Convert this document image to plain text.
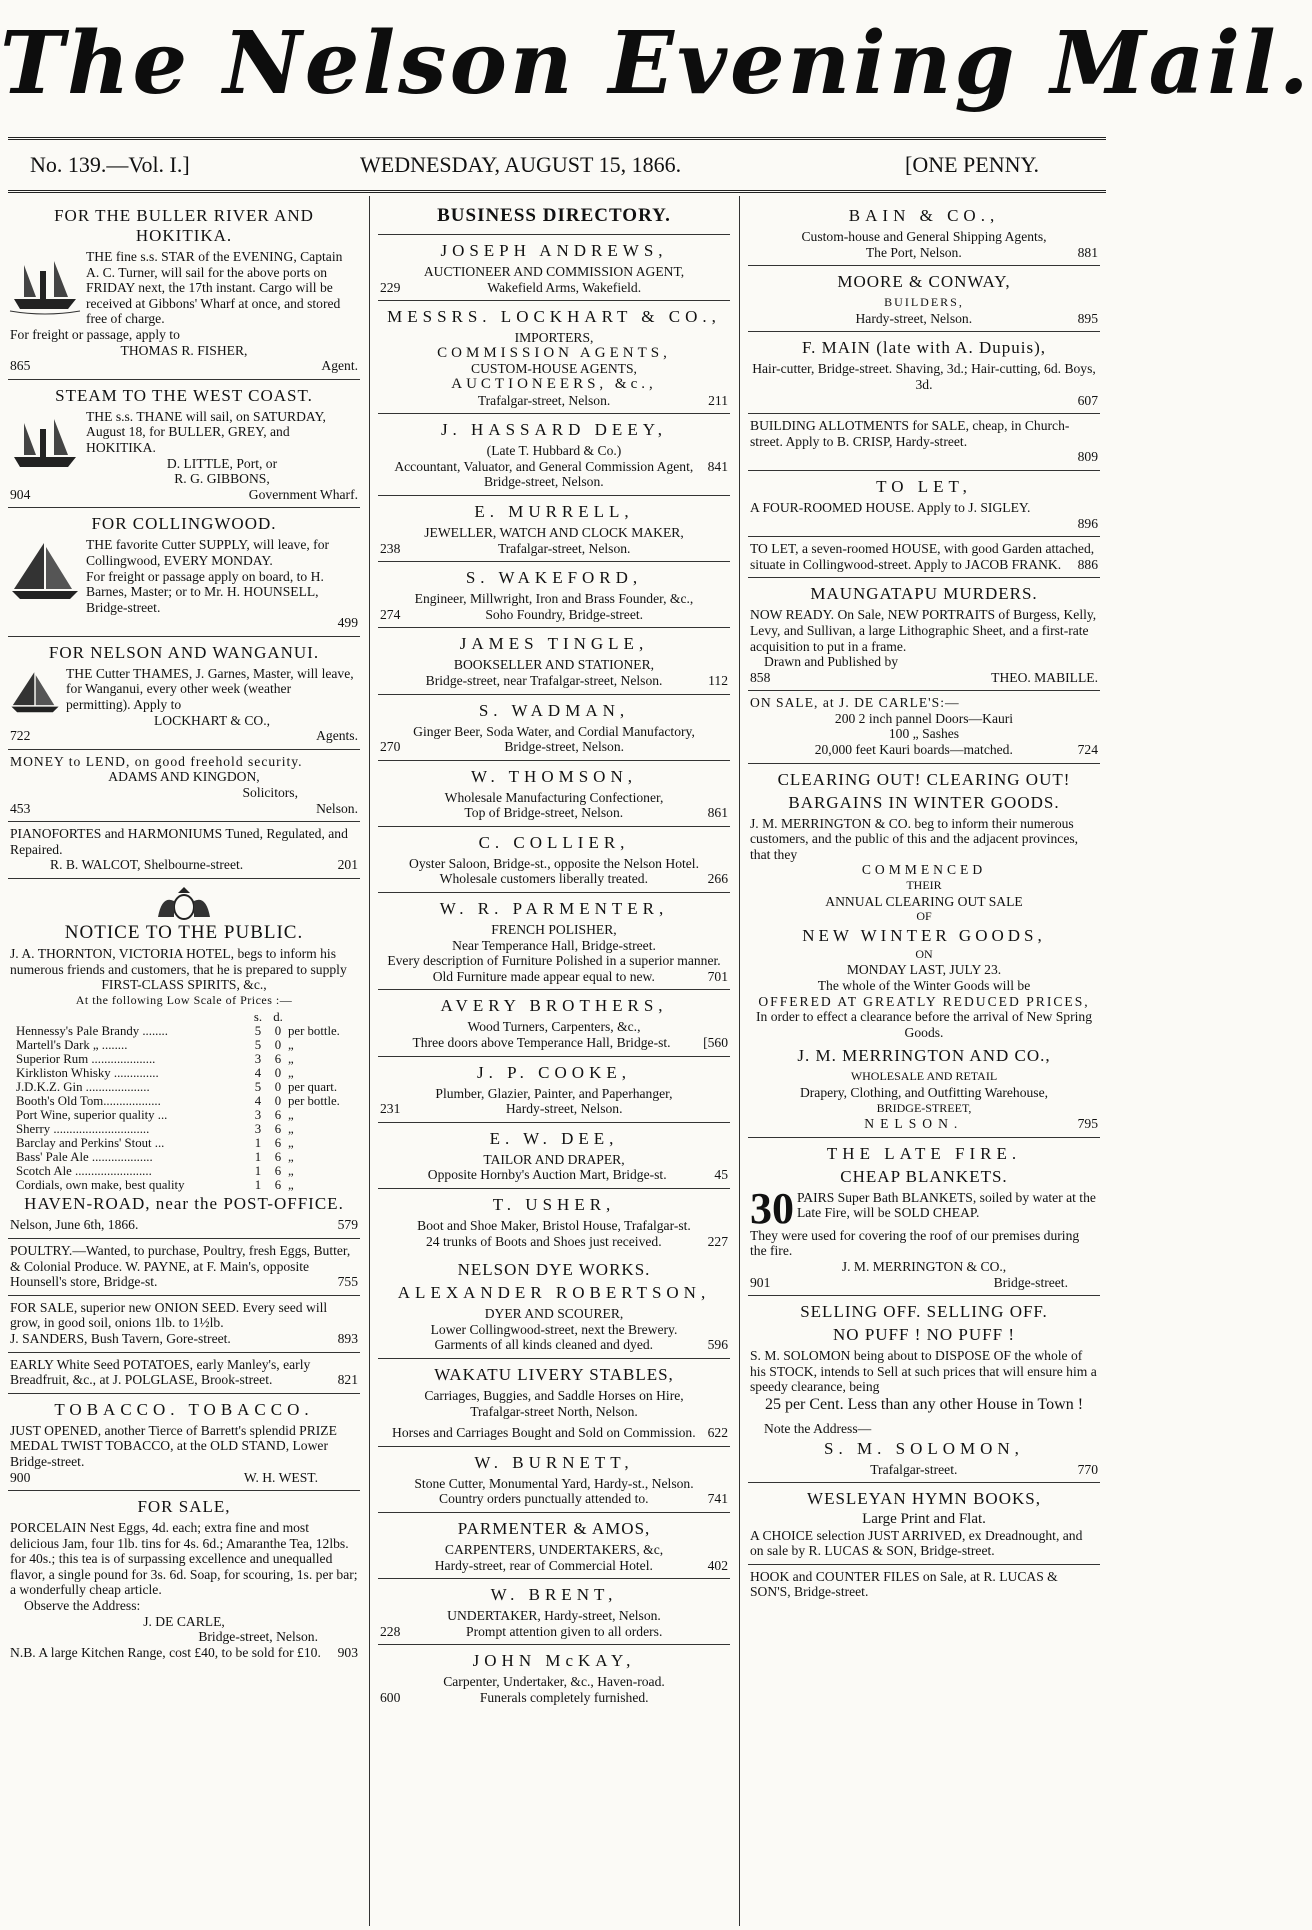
The Nelson Evening Mail.
No. 139.—Vol. I.]	WEDNESDAY, AUGUST 15, 1866.	[ONE PENNY.
FOR THE BULLER RIVER AND HOKITIKA.
THE fine s.s. STAR of the EVENING, Captain A. C. Turner, will sail for the above ports on FRIDAY next, the 17th instant. Cargo will be received at Gibbons' Wharf at once, and stored free of charge.
For freight or passage, apply to
THOMAS R. FISHER,
865	Agent.
STEAM TO THE WEST COAST.
THE s.s. THANE will sail, on SATURDAY, August 18, for BULLER, GREY, and HOKITIKA.
D. LITTLE, Port, or
R. G. GIBBONS,
904	Government Wharf.
FOR COLLINGWOOD.
THE favorite Cutter SUPPLY, will leave, for Collingwood, EVERY MONDAY.
For freight or passage apply on board, to H. Barnes, Master; or to Mr. H. HOUNSELL, Bridge-street.
499
FOR NELSON AND WANGANUI.
THE Cutter THAMES, J. Garnes, Master, will leave, for Wanganui, every other week (weather permitting). Apply to
LOCKHART & CO.,
722	Agents.
MONEY to LEND, on good freehold security.
ADAMS AND KINGDON,
Solicitors,
453	Nelson.
PIANOFORTES and HARMONIUMS Tuned, Regulated, and Repaired.
R. B. WALCOT, Shelbourne-street.	201
NOTICE TO THE PUBLIC.
J. A. THORNTON, VICTORIA HOTEL, begs to inform his numerous friends and customers, that he is prepared to supply
FIRST-CLASS SPIRITS, &c.,
At the following Low Scale of Prices :—
s. d.
Hennessy's Pale Brandy ........	5	0 per bottle.
Martell's Dark „ ........	5	0 „
Superior Rum ....................	3	6 „
Kirkliston Whisky ..............	4	0 „
J.D.K.Z. Gin ....................	5	0 per quart.
Booth's Old Tom..................	4	0 per bottle.
Port Wine, superior quality ...	3	6 „
Sherry ..............................	3	6 „
Barclay and Perkins' Stout ...	1	6 „
Bass' Pale Ale ...................	1	6 „
Scotch Ale ........................	1	6 „
Cordials, own make, best quality	1	6 „
HAVEN-ROAD, near the POST-OFFICE.
Nelson, June 6th, 1866.	579
POULTRY.—Wanted, to purchase, Poultry, fresh Eggs, Butter, & Colonial Produce. W. PAYNE, at F. Main's, opposite Hounsell's store, Bridge-st.	755
FOR SALE, superior new ONION SEED. Every seed will grow, in good soil, onions 1lb. to 1½lb.
J. SANDERS, Bush Tavern, Gore-street.	893
EARLY White Seed POTATOES, early Manley's, early Breadfruit, &c., at J. POLGLASE, Brook-street.	821
TOBACCO. TOBACCO.
JUST OPENED, another Tierce of Barrett's splendid PRIZE MEDAL TWIST TOBACCO, at the OLD STAND, Lower Bridge-street.
900	W. H. WEST.
FOR SALE,
PORCELAIN Nest Eggs, 4d. each; extra fine and most delicious Jam, four 1lb. tins for 4s. 6d.; Amaranthe Tea, 12lbs. for 40s.; this tea is of surpassing excellence and unequalled flavor, a single pound for 3s. 6d. Soap, for scouring, 1s. per bar; a wonderfully cheap article.
Observe the Address:
J. DE CARLE,
Bridge-street, Nelson.
N.B. A large Kitchen Range, cost £40, to be sold for £10.	903
BUSINESS DIRECTORY.
JOSEPH ANDREWS,
AUCTIONEER AND COMMISSION AGENT,
229	Wakefield Arms, Wakefield.
MESSRS. LOCKHART & CO.,
IMPORTERS,
COMMISSION AGENTS,
CUSTOM-HOUSE AGENTS,
AUCTIONEERS, &c.,
Trafalgar-street, Nelson.	211
J. HASSARD DEEY,
(Late T. Hubbard & Co.)
Accountant, Valuator, and General Commission Agent, Bridge-street, Nelson.
841
E. MURRELL,
JEWELLER, WATCH AND CLOCK MAKER,
238	Trafalgar-street, Nelson.
S. WAKEFORD,
Engineer, Millwright, Iron and Brass Founder, &c.,
274	Soho Foundry, Bridge-street.
JAMES TINGLE,
BOOKSELLER AND STATIONER,
Bridge-street, near Trafalgar-street, Nelson.	112
S. WADMAN,
Ginger Beer, Soda Water, and Cordial Manufactory,
270	Bridge-street, Nelson.
W. THOMSON,
Wholesale Manufacturing Confectioner,
Top of Bridge-street, Nelson.	861
C. COLLIER,
Oyster Saloon, Bridge-st., opposite the Nelson Hotel.
Wholesale customers liberally treated.	266
W. R. PARMENTER,
FRENCH POLISHER,
Near Temperance Hall, Bridge-street.
Every description of Furniture Polished in a superior manner.
Old Furniture made appear equal to new.	701
AVERY BROTHERS,
Wood Turners, Carpenters, &c.,
Three doors above Temperance Hall, Bridge-st.	[560
J. P. COOKE,
Plumber, Glazier, Painter, and Paperhanger,
231	Hardy-street, Nelson.
E. W. DEE,
TAILOR AND DRAPER,
Opposite Hornby's Auction Mart, Bridge-st.	45
T. USHER,
Boot and Shoe Maker, Bristol House, Trafalgar-st.
24 trunks of Boots and Shoes just received.	227
NELSON DYE WORKS.
ALEXANDER ROBERTSON,
DYER AND SCOURER,
Lower Collingwood-street, next the Brewery.
Garments of all kinds cleaned and dyed.	596
WAKATU LIVERY STABLES,
Carriages, Buggies, and Saddle Horses on Hire,
Trafalgar-street North, Nelson.
Horses and Carriages Bought and Sold on Commission. 622
W. BURNETT,
Stone Cutter, Monumental Yard, Hardy-st., Nelson.
Country orders punctually attended to.	741
PARMENTER & AMOS,
CARPENTERS, UNDERTAKERS, &c,
Hardy-street, rear of Commercial Hotel.	402
W. BRENT,
UNDERTAKER, Hardy-street, Nelson.
228	Prompt attention given to all orders.
JOHN McKAY,
Carpenter, Undertaker, &c., Haven-road.
600	Funerals completely furnished.
BAIN & CO.,
Custom-house and General Shipping Agents,
The Port, Nelson.	881
MOORE & CONWAY,
BUILDERS,
Hardy-street, Nelson.	895
F. MAIN (late with A. Dupuis),
Hair-cutter, Bridge-street. Shaving, 3d.; Hair-cutting, 6d. Boys, 3d.
607
BUILDING ALLOTMENTS for SALE, cheap, in Church-street. Apply to B. CRISP, Hardy-street.
809
TO LET,
A FOUR-ROOMED HOUSE. Apply to J. SIGLEY.
896
TO LET, a seven-roomed HOUSE, with good Garden attached, situate in Collingwood-street. Apply to JACOB FRANK. 886
MAUNGATAPU MURDERS.
NOW READY. On Sale, NEW PORTRAITS of Burgess, Kelly, Levy, and Sullivan, a large Lithographic Sheet, and a first-rate acquisition to put in a frame.
Drawn and Published by
858	THEO. MABILLE.
ON SALE, at J. DE CARLE'S:—
200 2 inch pannel Doors—Kauri
100 „ Sashes
20,000 feet Kauri boards—matched.	724
CLEARING OUT! CLEARING OUT!
BARGAINS IN WINTER GOODS.
J. M. MERRINGTON & CO. beg to inform their numerous customers, and the public of this and the adjacent provinces, that they
COMMENCED
THEIR
ANNUAL CLEARING OUT SALE
OF
NEW WINTER GOODS,
ON
MONDAY LAST, JULY 23.
The whole of the Winter Goods will be
OFFERED AT GREATLY REDUCED PRICES,
In order to effect a clearance before the arrival of New Spring Goods.
J. M. MERRINGTON AND CO.,
WHOLESALE AND RETAIL
Drapery, Clothing, and Outfitting Warehouse,
BRIDGE-STREET,
NELSON.	795
THE LATE FIRE.
CHEAP BLANKETS.
30 PAIRS Super Bath BLANKETS, soiled by water at the Late Fire, will be SOLD CHEAP.
They were used for covering the roof of our premises during the fire.
J. M. MERRINGTON & CO.,
901	Bridge-street.
SELLING OFF. SELLING OFF.
NO PUFF ! NO PUFF !
S. M. SOLOMON being about to DISPOSE OF the whole of his STOCK, intends to Sell at such prices that will ensure him a speedy clearance, being
25 per Cent. Less than any other House in Town !
Note the Address—
S. M. SOLOMON,
Trafalgar-street.	770
WESLEYAN HYMN BOOKS,
Large Print and Flat.
A CHOICE selection JUST ARRIVED, ex Dreadnought, and on sale by R. LUCAS & SON, Bridge-street.
HOOK and COUNTER FILES on Sale, at R. LUCAS & SON'S, Bridge-street.
